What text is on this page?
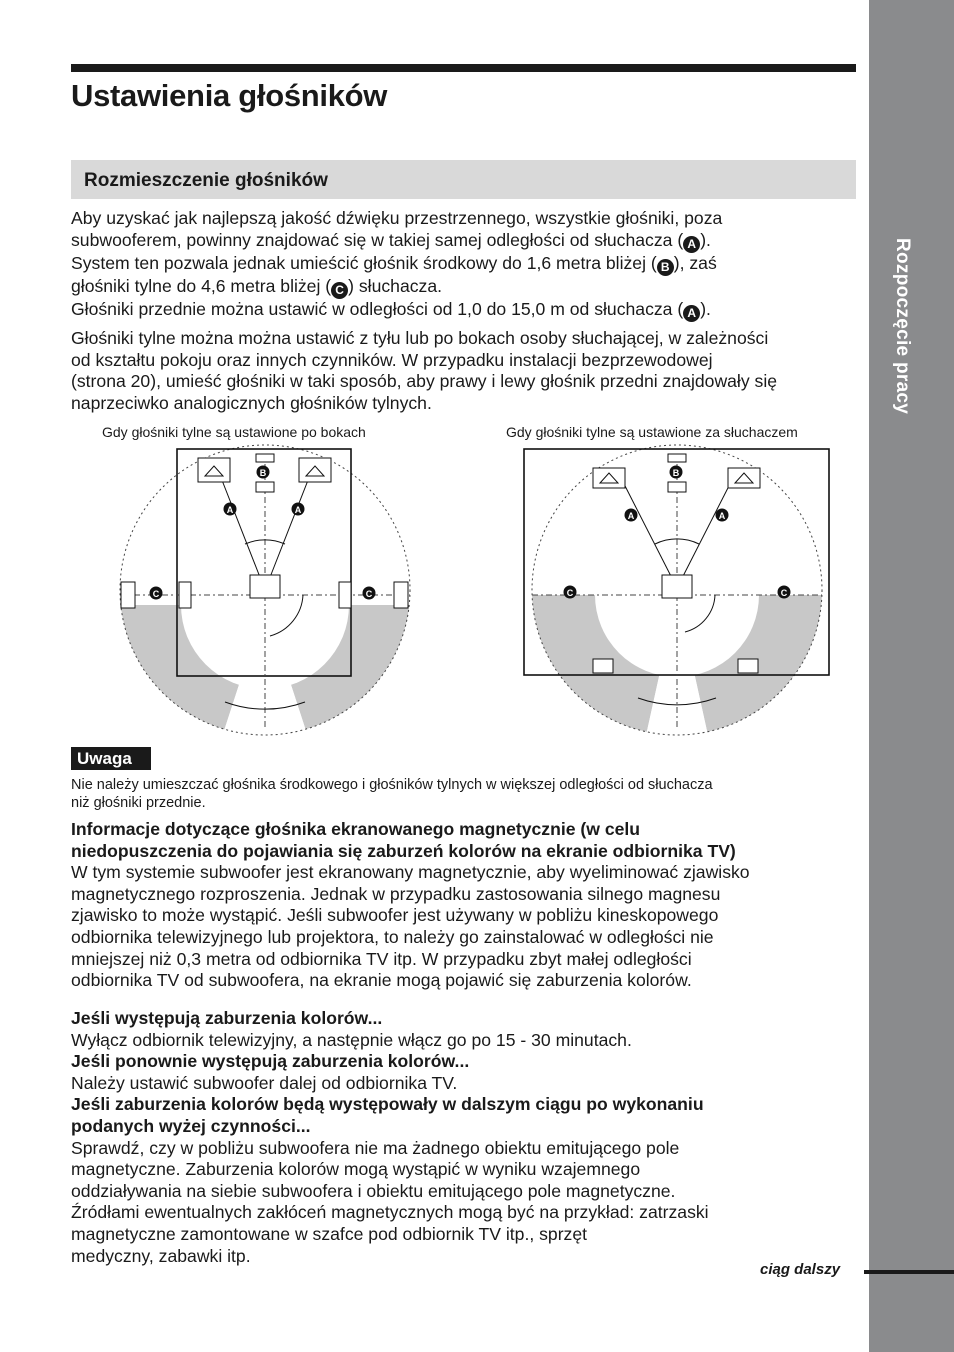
Rozpoczęcie pracy
Ustawienia głośników
Rozmieszczenie głośników

Aby uzyskać jak najlepszą jakość dźwięku przestrzennego, wszystkie głośniki, poza

subwooferem, powinny znajdować się w takiej samej odległości od słuchacza ( A ).

System ten pozwala jednak umieścić głośnik środkowy do 1,6 metra bliżej ( B ), zaś

głośniki tylne do 4,6 metra bliżej ( C ) słuchacza.

Głośniki przednie można ustawić w odległości od 1,0 do 15,0 m od słuchacza ( A ).

Głośniki tylne można można ustawić z tyłu lub po bokach osoby słuchającej, w zależności

od kształtu pokoju oraz innych czynników. W przypadku instalacji bezprzewodowej

(strona 20), umieść głośniki w taki sposób, aby prawy i lewy głośnik przedni znajdowały się

naprzeciwko analogicznych głośników tylnych.

Gdy głośniki tylne są ustawione po bokach	Gdy głośniki tylne są ustawione za słuchaczem
B
A	A
C	C
B
A	A
C	C
Uwaga
Nie należy umieszczać głośnika środkowego i głośników tylnych w większej odległości od słuchacza
niż głośniki przednie.
Informacje dotyczące głośnika ekranowanego magnetycznie (w celu
niedopuszczenia do pojawiania się zaburzeń kolorów na ekranie odbiornika TV)
W tym systemie subwoofer jest ekranowany magnetycznie, aby wyeliminować zjawisko
magnetycznego rozproszenia. Jednak w przypadku zastosowania silnego magnesu
zjawisko to może wystąpić. Jeśli subwoofer jest używany w pobliżu kineskopowego
odbiornika telewizyjnego lub projektora, to należy go zainstalować w odległości nie
mniejszej niż 0,3 metra od odbiornika TV itp. W przypadku zbyt małej odległości
odbiornika TV od subwoofera, na ekranie mogą pojawić się zaburzenia kolorów.
Jeśli występują zaburzenia kolorów...
Wyłącz odbiornik telewizyjny, a następnie włącz go po 15 - 30 minutach.
Jeśli ponownie występują zaburzenia kolorów...
Należy ustawić subwoofer dalej od odbiornika TV.
Jeśli zaburzenia kolorów będą występowały w dalszym ciągu po wykonaniu
podanych wyżej czynności...
Sprawdź, czy w pobliżu subwoofera nie ma żadnego obiektu emitującego pole
magnetyczne. Zaburzenia kolorów mogą wystąpić w wyniku wzajemnego
oddziaływania na siebie subwoofera i obiektu emitującego pole magnetyczne.
Źródłami ewentualnych zakłóceń magnetycznych mogą być na przykład: zatrzaski
magnetyczne zamontowane w szafce pod odbiornik TV itp., sprzęt
medyczny, zabawki itp.
ciąg dalszy
